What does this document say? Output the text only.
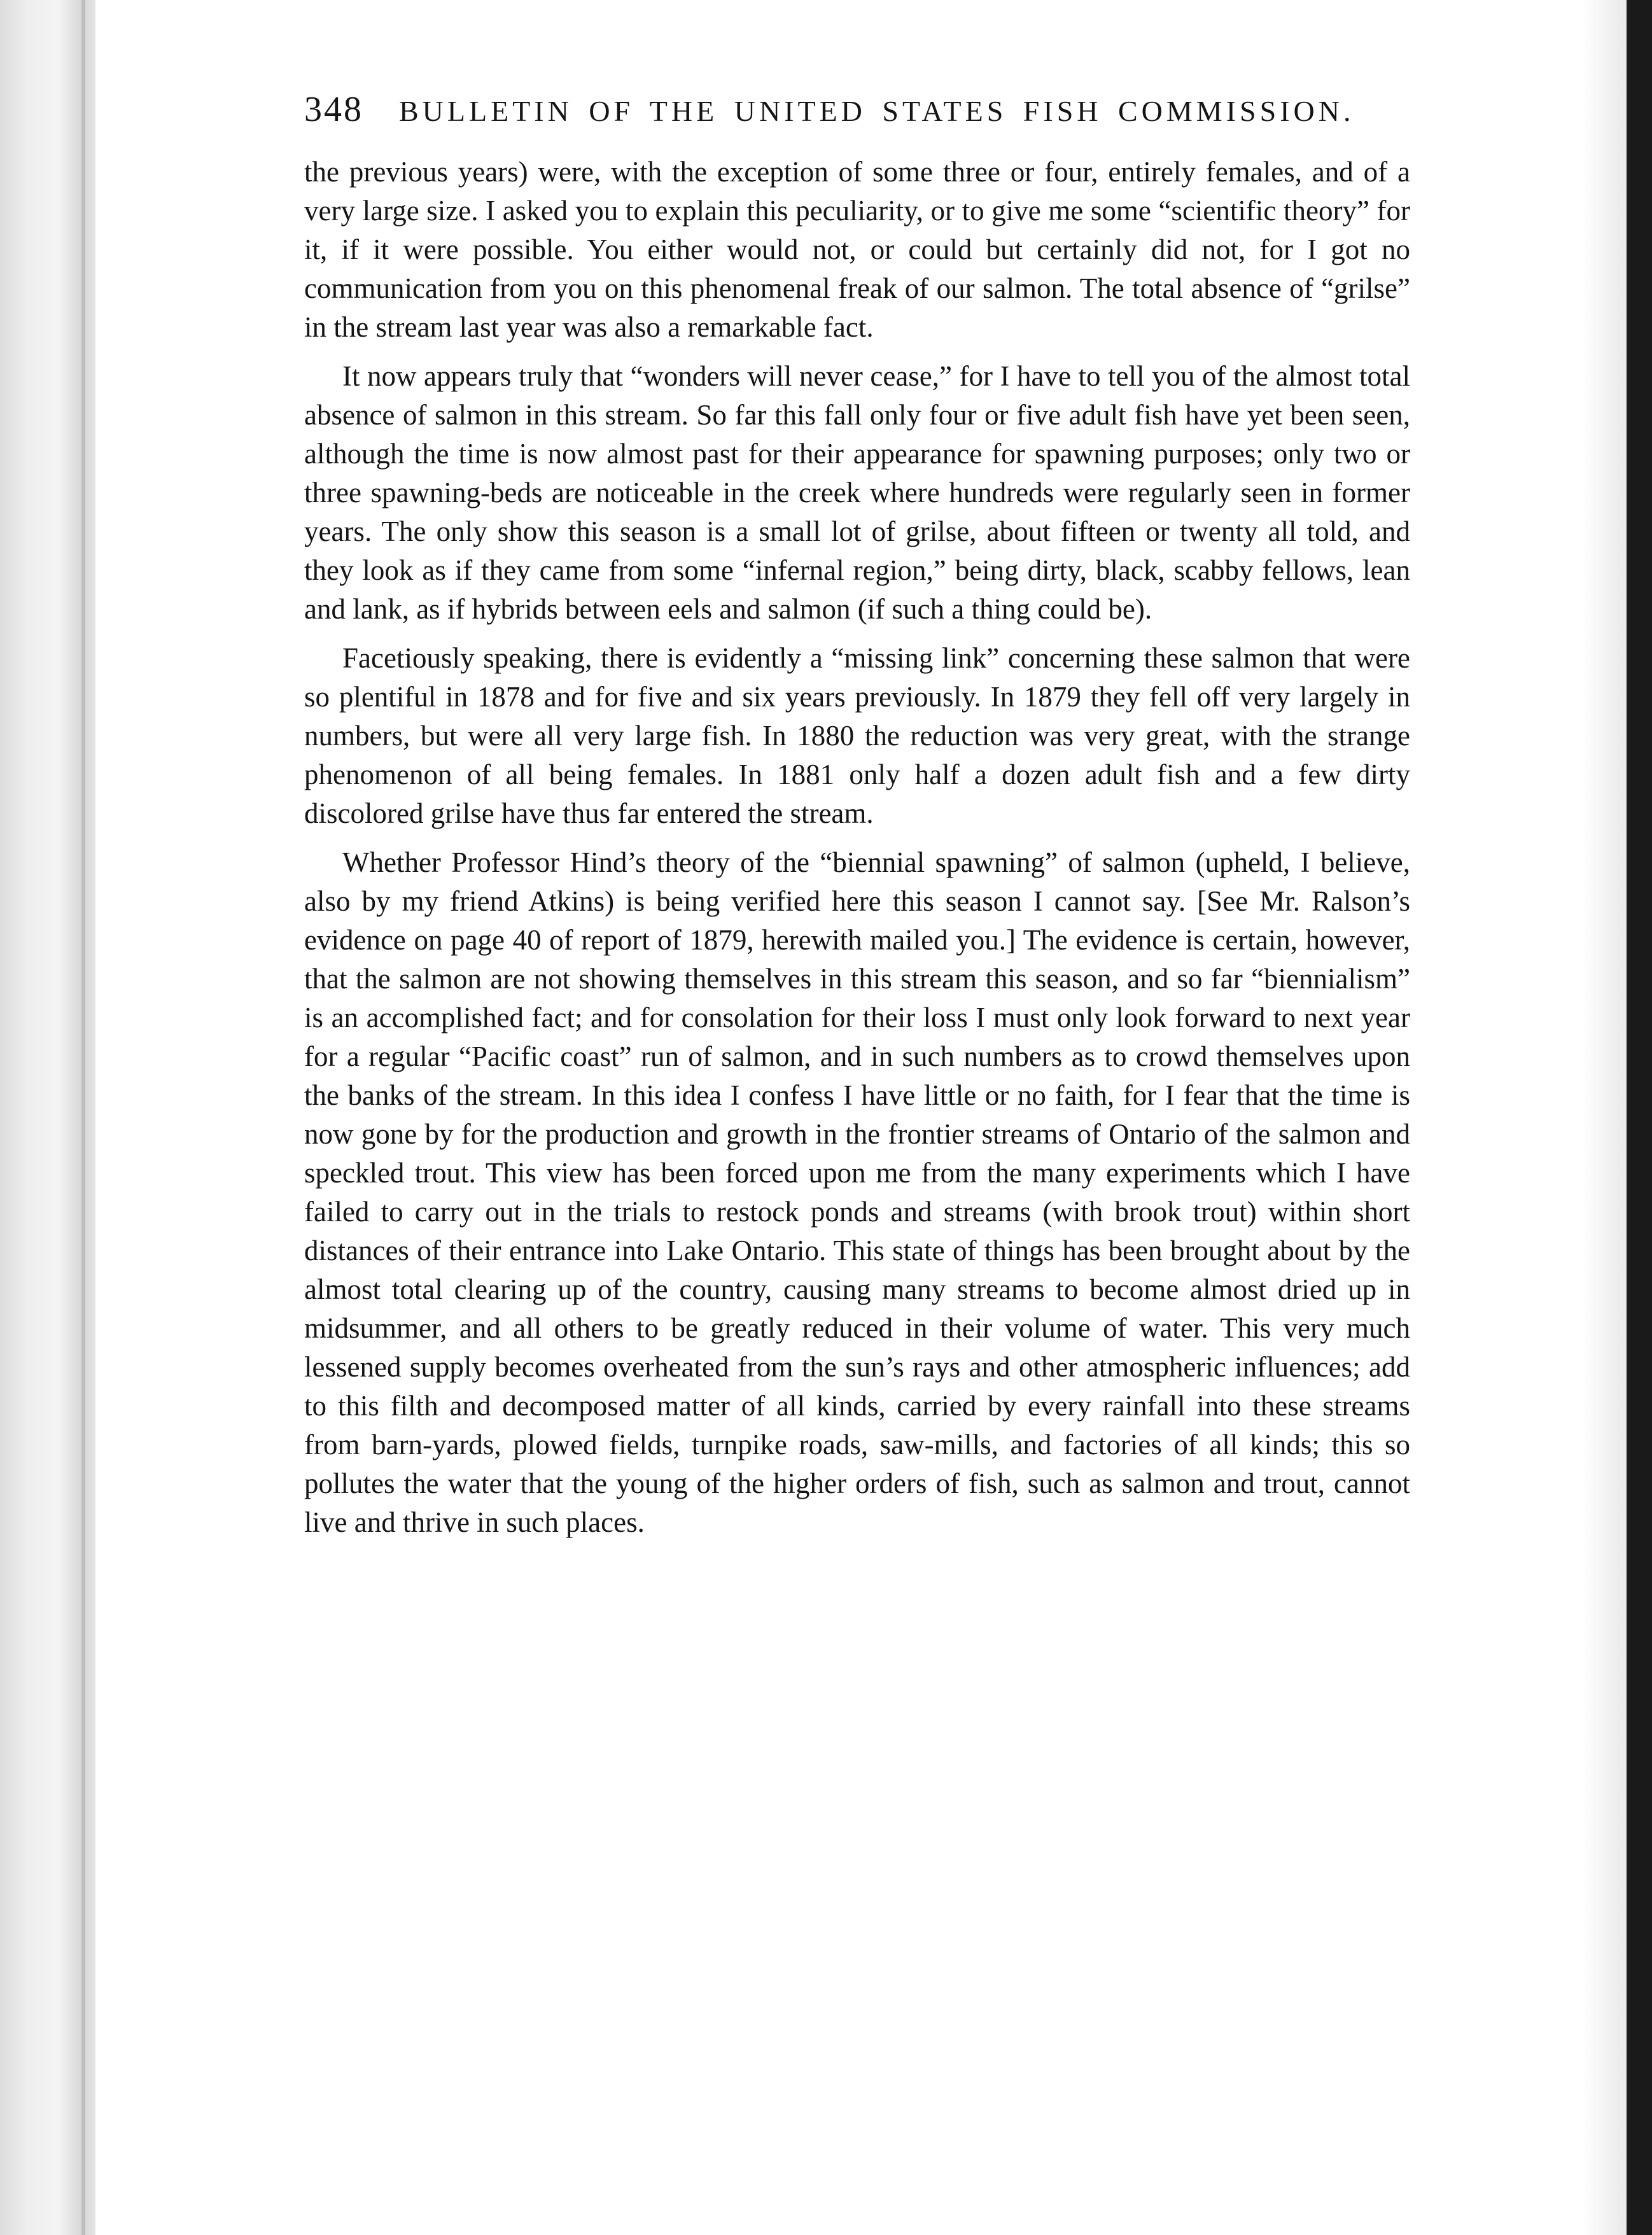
348 BULLETIN OF THE UNITED STATES FISH COMMISSION.

the previous years) were, with the exception of some three or four, entirely females, and of a very large size. I asked you to explain this peculiarity, or to give me some “scientific theory” for it, if it were possible. You either would not, or could but certainly did not, for I got no communication from you on this phenomenal freak of our salmon. The total absence of “grilse” in the stream last year was also a remarkable fact.

It now appears truly that “wonders will never cease,” for I have to tell you of the almost total absence of salmon in this stream. So far this fall only four or five adult fish have yet been seen, although the time is now almost past for their appearance for spawning purposes; only two or three spawning-beds are noticeable in the creek where hundreds were regularly seen in former years. The only show this season is a small lot of grilse, about fifteen or twenty all told, and they look as if they came from some “infernal region,” being dirty, black, scabby fellows, lean and lank, as if hybrids between eels and salmon (if such a thing could be).

Facetiously speaking, there is evidently a “missing link” concerning these salmon that were so plentiful in 1878 and for five and six years previously. In 1879 they fell off very largely in numbers, but were all very large fish. In 1880 the reduction was very great, with the strange phenomenon of all being females. In 1881 only half a dozen adult fish and a few dirty discolored grilse have thus far entered the stream.

Whether Professor Hind’s theory of the “biennial spawning” of salmon (upheld, I believe, also by my friend Atkins) is being verified here this season I cannot say. [See Mr. Ralson’s evidence on page 40 of report of 1879, herewith mailed you.] The evidence is certain, however, that the salmon are not showing themselves in this stream this season, and so far “biennialism” is an accomplished fact; and for consolation for their loss I must only look forward to next year for a regular “Pacific coast” run of salmon, and in such numbers as to crowd themselves upon the banks of the stream. In this idea I confess I have little or no faith, for I fear that the time is now gone by for the production and growth in the frontier streams of Ontario of the salmon and speckled trout. This view has been forced upon me from the many experiments which I have failed to carry out in the trials to restock ponds and streams (with brook trout) within short distances of their entrance into Lake Ontario. This state of things has been brought about by the almost total clearing up of the country, causing many streams to become almost dried up in midsummer, and all others to be greatly reduced in their volume of water. This very much lessened supply becomes overheated from the sun’s rays and other atmospheric influences; add to this filth and decomposed matter of all kinds, carried by every rainfall into these streams from barn-yards, plowed fields, turnpike roads, saw-mills, and factories of all kinds; this so pollutes the water that the young of the higher orders of fish, such as salmon and trout, cannot live and thrive in such places.
